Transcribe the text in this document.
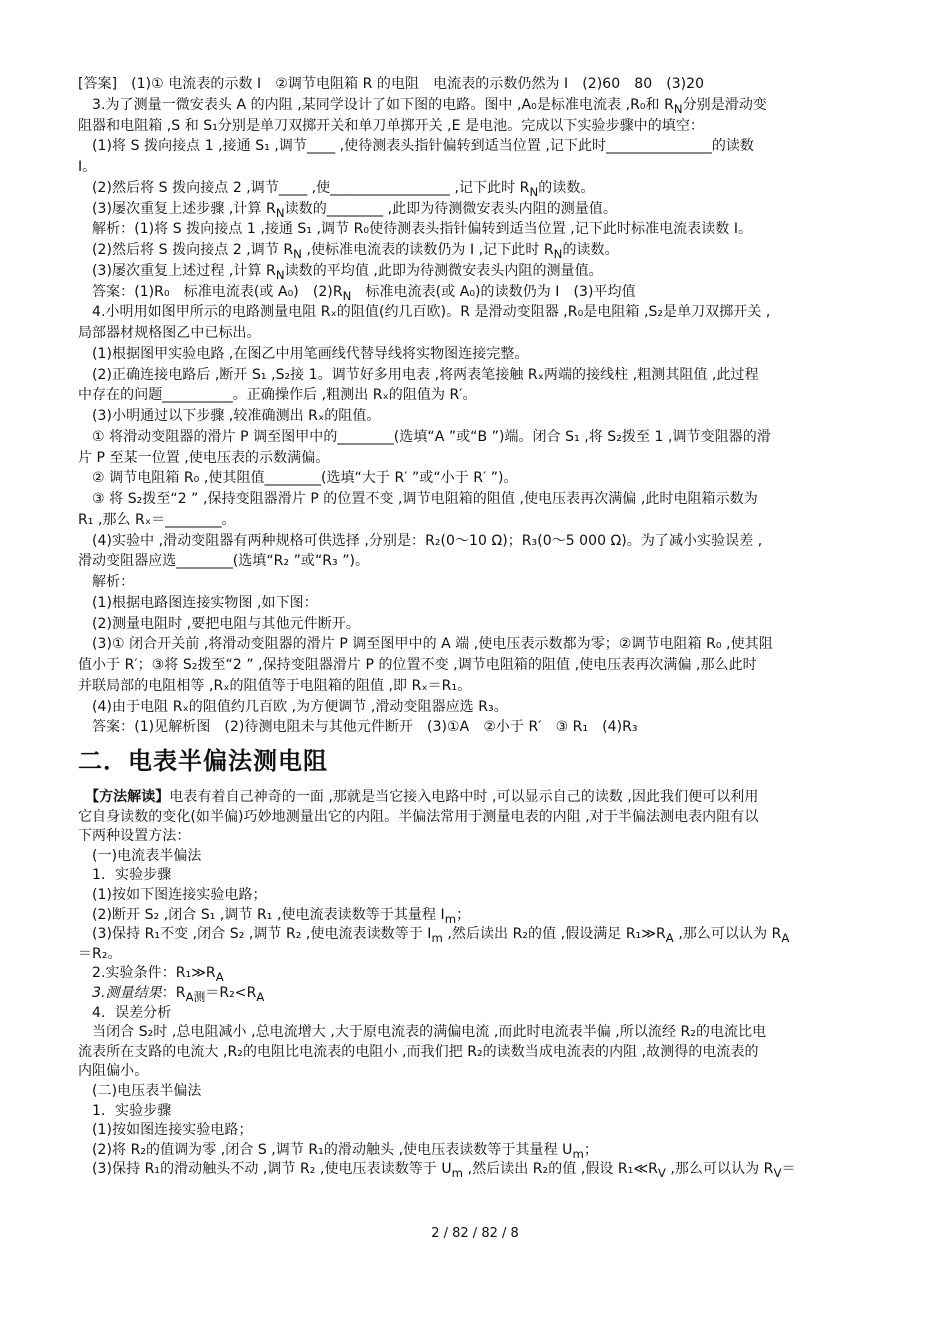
[答案]　(1)① 电流表的示数 I　②调节电阻箱 R 的电阻　电流表的示数仍然为 I　(2)60　80　(3)20
　3.为了测量一微安表头 A 的内阻 ,某同学设计了如下图的电路。图中 ,A₀是标准电流表 ,R₀和 $R_N$分别是滑动变
阻器和电阻箱 ,S 和 S₁分别是单刀双掷开关和单刀单掷开关 ,E 是电池。完成以下实验步骤中的填空：
　(1)将 S 拨向接点 1 ,接通 S₁ ,调节____ ,使待测表头指针偏转到适当位置 ,记下此时_______________的读数
I。
　(2)然后将 S 拨向接点 2 ,调节____ ,使_________________ ,记下此时 $R_N$的读数。
　(3)屡次重复上述步骤 ,计算 $R_N$读数的________ ,此即为待测微安表头内阻的测量值。
　解析：(1)将 S 拨向接点 1 ,接通 S₁ ,调节 R₀使待测表头指针偏转到适当位置 ,记下此时标准电流表读数 I。
　(2)然后将 S 拨向接点 2 ,调节 $R_N$ ,使标准电流表的读数仍为 I ,记下此时 $R_N$的读数。
　(3)屡次重复上述过程 ,计算 $R_N$读数的平均值 ,此即为待测微安表头内阻的测量值。
　答案：(1)R₀　标准电流表(或 A₀)　$(2)R_N$　标准电流表(或 A₀)的读数仍为 I　(3)平均值
　4.小明用如图甲所示的电路测量电阻 Rₓ的阻值(约几百欧)。R 是滑动变阻器 ,R₀是电阻箱 ,S₂是单刀双掷开关 ,
局部器材规格图乙中已标出。
　(1)根据图甲实验电路 ,在图乙中用笔画线代替导线将实物图连接完整。
　(2)正确连接电路后 ,断开 S₁ ,S₂接 1。调节好多用电表 ,将两表笔接触 Rₓ两端的接线柱 ,粗测其阻值 ,此过程
中存在的问题__________。正确操作后 ,粗测出 Rₓ的阻值为 R′。
　(3)小明通过以下步骤 ,较准确测出 Rₓ的阻值。
　① 将滑动变阻器的滑片 P 调至图甲中的________(选填“A ”或“B ”)端。闭合 S₁ ,将 S₂拨至 1 ,调节变阻器的滑
片 P 至某一位置 ,使电压表的示数满偏。
　② 调节电阻箱 R₀ ,使其阻值________(选填“大于 R′ ”或“小于 R′ ”)。
　③ 将 S₂拨至“2 ” ,保持变阻器滑片 P 的位置不变 ,调节电阻箱的阻值 ,使电压表再次满偏 ,此时电阻箱示数为
R₁ ,那么 Rₓ＝________。
　(4)实验中 ,滑动变阻器有两种规格可供选择 ,分别是：R₂(0～10 Ω)；R₃(0～5 000 Ω)。为了减小实验误差 ,
滑动变阻器应选________(选填“R₂ ”或“R₃ ”)。
　解析：
　(1)根据电路图连接实物图 ,如下图：
　(2)测量电阻时 ,要把电阻与其他元件断开。
　(3)① 闭合开关前 ,将滑动变阻器的滑片 P 调至图甲中的 A 端 ,使电压表示数都为零；②调节电阻箱 R₀ ,使其阻
值小于 R′；③将 S₂拨至“2 ” ,保持变阻器滑片 P 的位置不变 ,调节电阻箱的阻值 ,使电压表再次满偏 ,那么此时
并联局部的电阻相等 ,Rₓ的阻值等于电阻箱的阻值 ,即 Rₓ＝R₁。
　(4)由于电阻 Rₓ的阻值约几百欧 ,为方便调节 ,滑动变阻器应选 R₃。
　答案：(1)见解析图　(2)待测电阻未与其他元件断开　(3)①A　②小于 R′　③ R₁　(4)R₃
二．电表半偏法测电阻
　【方法解读】电表有着自己神奇的一面 ,那就是当它接入电路中时 ,可以显示自己的读数 ,因此我们便可以利用
它自身读数的变化(如半偏)巧妙地测量出它的内阻。半偏法常用于测量电表的内阻 ,对于半偏法测电表内阻有以
下两种设置方法：
　(一)电流表半偏法
　1．实验步骤
　(1)按如下图连接实验电路；
　(2)断开 S₂ ,闭合 S₁ ,调节 R₁ ,使电流表读数等于其量程 $I_m$；
　(3)保持 R₁不变 ,闭合 S₂ ,调节 R₂ ,使电流表读数等于 $I_m$ ,然后读出 R₂的值 ,假设满足 $R_1≫R_A$ ,那么可以认为 $R_A$
＝R₂。
　2.实验条件：$R_1≫R_A$
　3.测量结果：$R_{A测}=R_2<R_A$
　4．误差分析
　当闭合 S₂时 ,总电阻减小 ,总电流增大 ,大于原电流表的满偏电流 ,而此时电流表半偏 ,所以流经 R₂的电流比电
流表所在支路的电流大 ,R₂的电阻比电流表的电阻小 ,而我们把 R₂的读数当成电流表的内阻 ,故测得的电流表的
内阻偏小。
　(二)电压表半偏法
　1．实验步骤
　(1)按如图连接实验电路；
　(2)将 R₂的值调为零 ,闭合 S ,调节 R₁的滑动触头 ,使电压表读数等于其量程 $U_m$；
　(3)保持 R₁的滑动触头不动 ,调节 R₂ ,使电压表读数等于 $U_m$ ,然后读出 R₂的值 ,假设 $R_1≪R_V$ ,那么可以认为 $R_V=$
2 / 82 / 82 / 8
